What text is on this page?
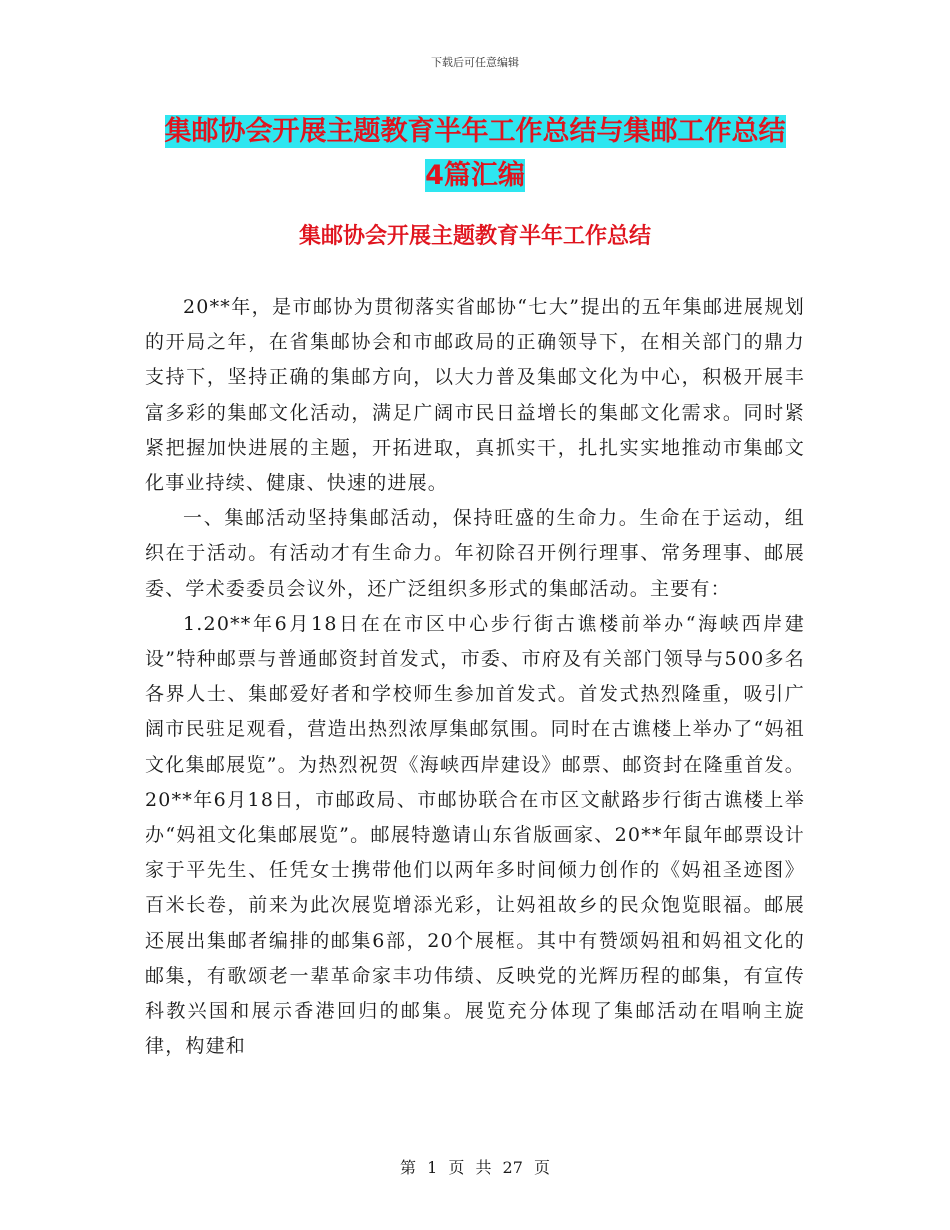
下载后可任意编辑
集邮协会开展主题教育半年工作总结与集邮工作总结
4篇汇编
集邮协会开展主题教育半年工作总结

20**年，是市邮协为贯彻落实省邮协“七大”提出的五年集邮进展规划的开局之年，在省集邮协会和市邮政局的正确领导下，在相关部门的鼎力支持下，坚持正确的集邮方向，以大力普及集邮文化为中心，积极开展丰富多彩的集邮文化活动，满足广阔市民日益增长的集邮文化需求。同时紧紧把握加快进展的主题，开拓进取，真抓实干，扎扎实实地推动市集邮文化事业持续、健康、快速的进展。

一、集邮活动坚持集邮活动，保持旺盛的生命力。生命在于运动，组织在于活动。有活动才有生命力。年初除召开例行理事、常务理事、邮展委、学术委委员会议外，还广泛组织多形式的集邮活动。主要有：

1.20**年6月18日在在市区中心步行街古谯楼前举办“海峡西岸建设”特种邮票与普通邮资封首发式，市委、市府及有关部门领导与500多名各界人士、集邮爱好者和学校师生参加首发式。首发式热烈隆重，吸引广阔市民驻足观看，营造出热烈浓厚集邮氛围。同时在古谯楼上举办了“妈祖文化集邮展览”。为热烈祝贺《海峡西岸建设》邮票、邮资封在隆重首发。20**年6月18日，市邮政局、市邮协联合在市区文献路步行街古谯楼上举办“妈祖文化集邮展览”。邮展特邀请山东省版画家、20**年鼠年邮票设计家于平先生、任凭女士携带他们以两年多时间倾力创作的《妈祖圣迹图》百米长卷，前来为此次展览增添光彩，让妈祖故乡的民众饱览眼福。邮展还展出集邮者编排的邮集6部，20个展框。其中有赞颂妈祖和妈祖文化的邮集，有歌颂老一辈革命家丰功伟绩、反映党的光辉历程的邮集，有宣传科教兴国和展示香港回归的邮集。展览充分体现了集邮活动在唱响主旋律，构建和

第 1 页 共 27 页
